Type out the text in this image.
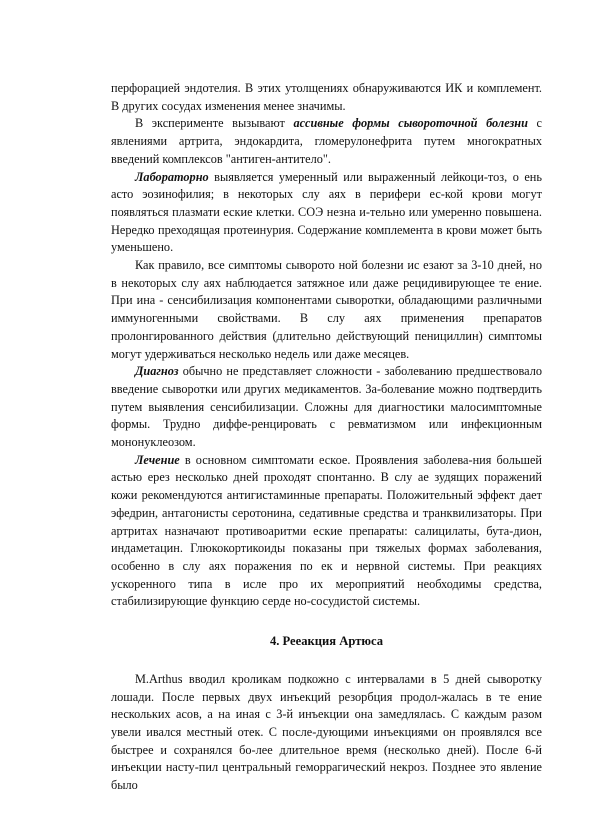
перфорацией эндотелия. В этих утолщениях обнаруживаются ИК и комплемент. В других сосудах изменения менее значимы.

В эксперименте вызывают ассивные формы сывороточной болезни с явлениями артрита, эндокардита, гломерулонефрита путем многократных введений комплексов "антиген-антитело".

Лабораторно выявляется умеренный или выраженный лейкоци-тоз, о ень асто эозинофилия; в некоторых слу аях в перифери ес-кой крови могут появляться плазмати еские клетки. СОЭ незна и-тельно или умеренно повышена. Нередко преходящая протеинурия. Содержание комплемента в крови может быть уменьшено.

Как правило, все симптомы сыворото ной болезни ис езают за 3-10 дней, но в некоторых слу аях наблюдается затяжное или даже рецидивирующее те ение. При ина - сенсибилизация компонентами сыворотки, обладающими различными иммуногенными свойствами. В слу аях применения препаратов пролонгированного действия (длительно действующий пенициллин) симптомы могут удерживаться несколько недель или даже месяцев.

Диагноз обычно не представляет сложности - заболеванию предшествовало введение сыворотки или других медикаментов. За-болевание можно подтвердить путем выявления сенсибилизации. Сложны для диагностики малосимптомные формы. Трудно диффе-ренцировать с ревматизмом или инфекционным мононуклеозом.

Лечение в основном симптомати еское. Проявления заболева-ния большей астью ерез несколько дней проходят спонтанно. В слу ае зудящих поражений кожи рекомендуются антигистаминные препараты. Положительный эффект дает эфедрин, антагонисты серотонина, седативные средства и транквилизаторы. При артритах назначают противоаритми еские препараты: салицилаты, бута-дион, индаметацин. Глюкокортикоиды показаны при тяжелых формах заболевания, особенно в слу аях поражения по ек и нервной системы. При реакциях ускоренного типа в исле про их мероприятий необходимы средства, стабилизирующие функцию серде но-сосудистой системы.

4. Рееакция Артюса

M.Arthus вводил кроликам подкожно с интервалами в 5 дней сыворотку лошади. После первых двух инъекций резорбция продол-жалась в те ение нескольких асов, а на иная с 3-й инъекции она замедлялась. С каждым разом увели ивался местный отек. С после-дующими инъекциями он проявлялся все быстрее и сохранялся бо-лее длительное время (несколько дней). После 6-й инъекции насту-пил центральный геморрагический некроз. Позднее это явление было
